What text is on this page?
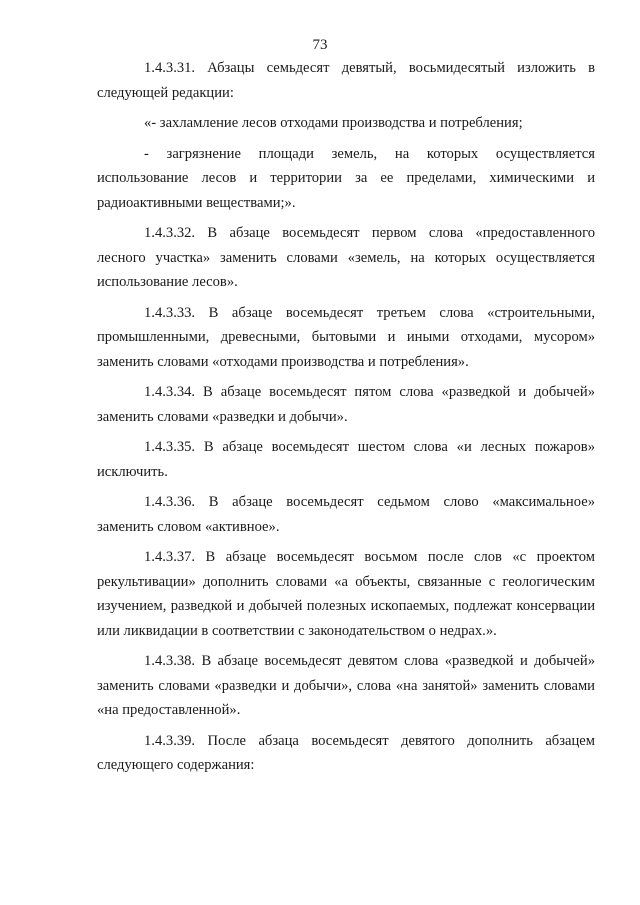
73

1.4.3.31. Абзацы семьдесят девятый, восьмидесятый изложить в следующей редакции:

«- захламление лесов отходами производства и потребления;

- загрязнение площади земель, на которых осуществляется использование лесов и территории за ее пределами, химическими и радиоактивными веществами;».

1.4.3.32. В абзаце восемьдесят первом слова «предоставленного лесного участка» заменить словами «земель, на которых осуществляется использование лесов».

1.4.3.33. В абзаце восемьдесят третьем слова «строительными, промышленными, древесными, бытовыми и иными отходами, мусором» заменить словами «отходами производства и потребления».

1.4.3.34. В абзаце восемьдесят пятом слова «разведкой и добычей» заменить словами «разведки и добычи».

1.4.3.35. В абзаце восемьдесят шестом слова «и лесных пожаров» исключить.

1.4.3.36. В абзаце восемьдесят седьмом слово «максимальное» заменить словом «активное».

1.4.3.37. В абзаце восемьдесят восьмом после слов «с проектом рекультивации» дополнить словами «а объекты, связанные с геологическим изучением, разведкой и добычей полезных ископаемых, подлежат консервации или ликвидации в соответствии с законодательством о недрах.».

1.4.3.38. В абзаце восемьдесят девятом слова «разведкой и добычей» заменить словами «разведки и добычи», слова «на занятой» заменить словами «на предоставленной».

1.4.3.39. После абзаца восемьдесят девятого дополнить абзацем следующего содержания:
